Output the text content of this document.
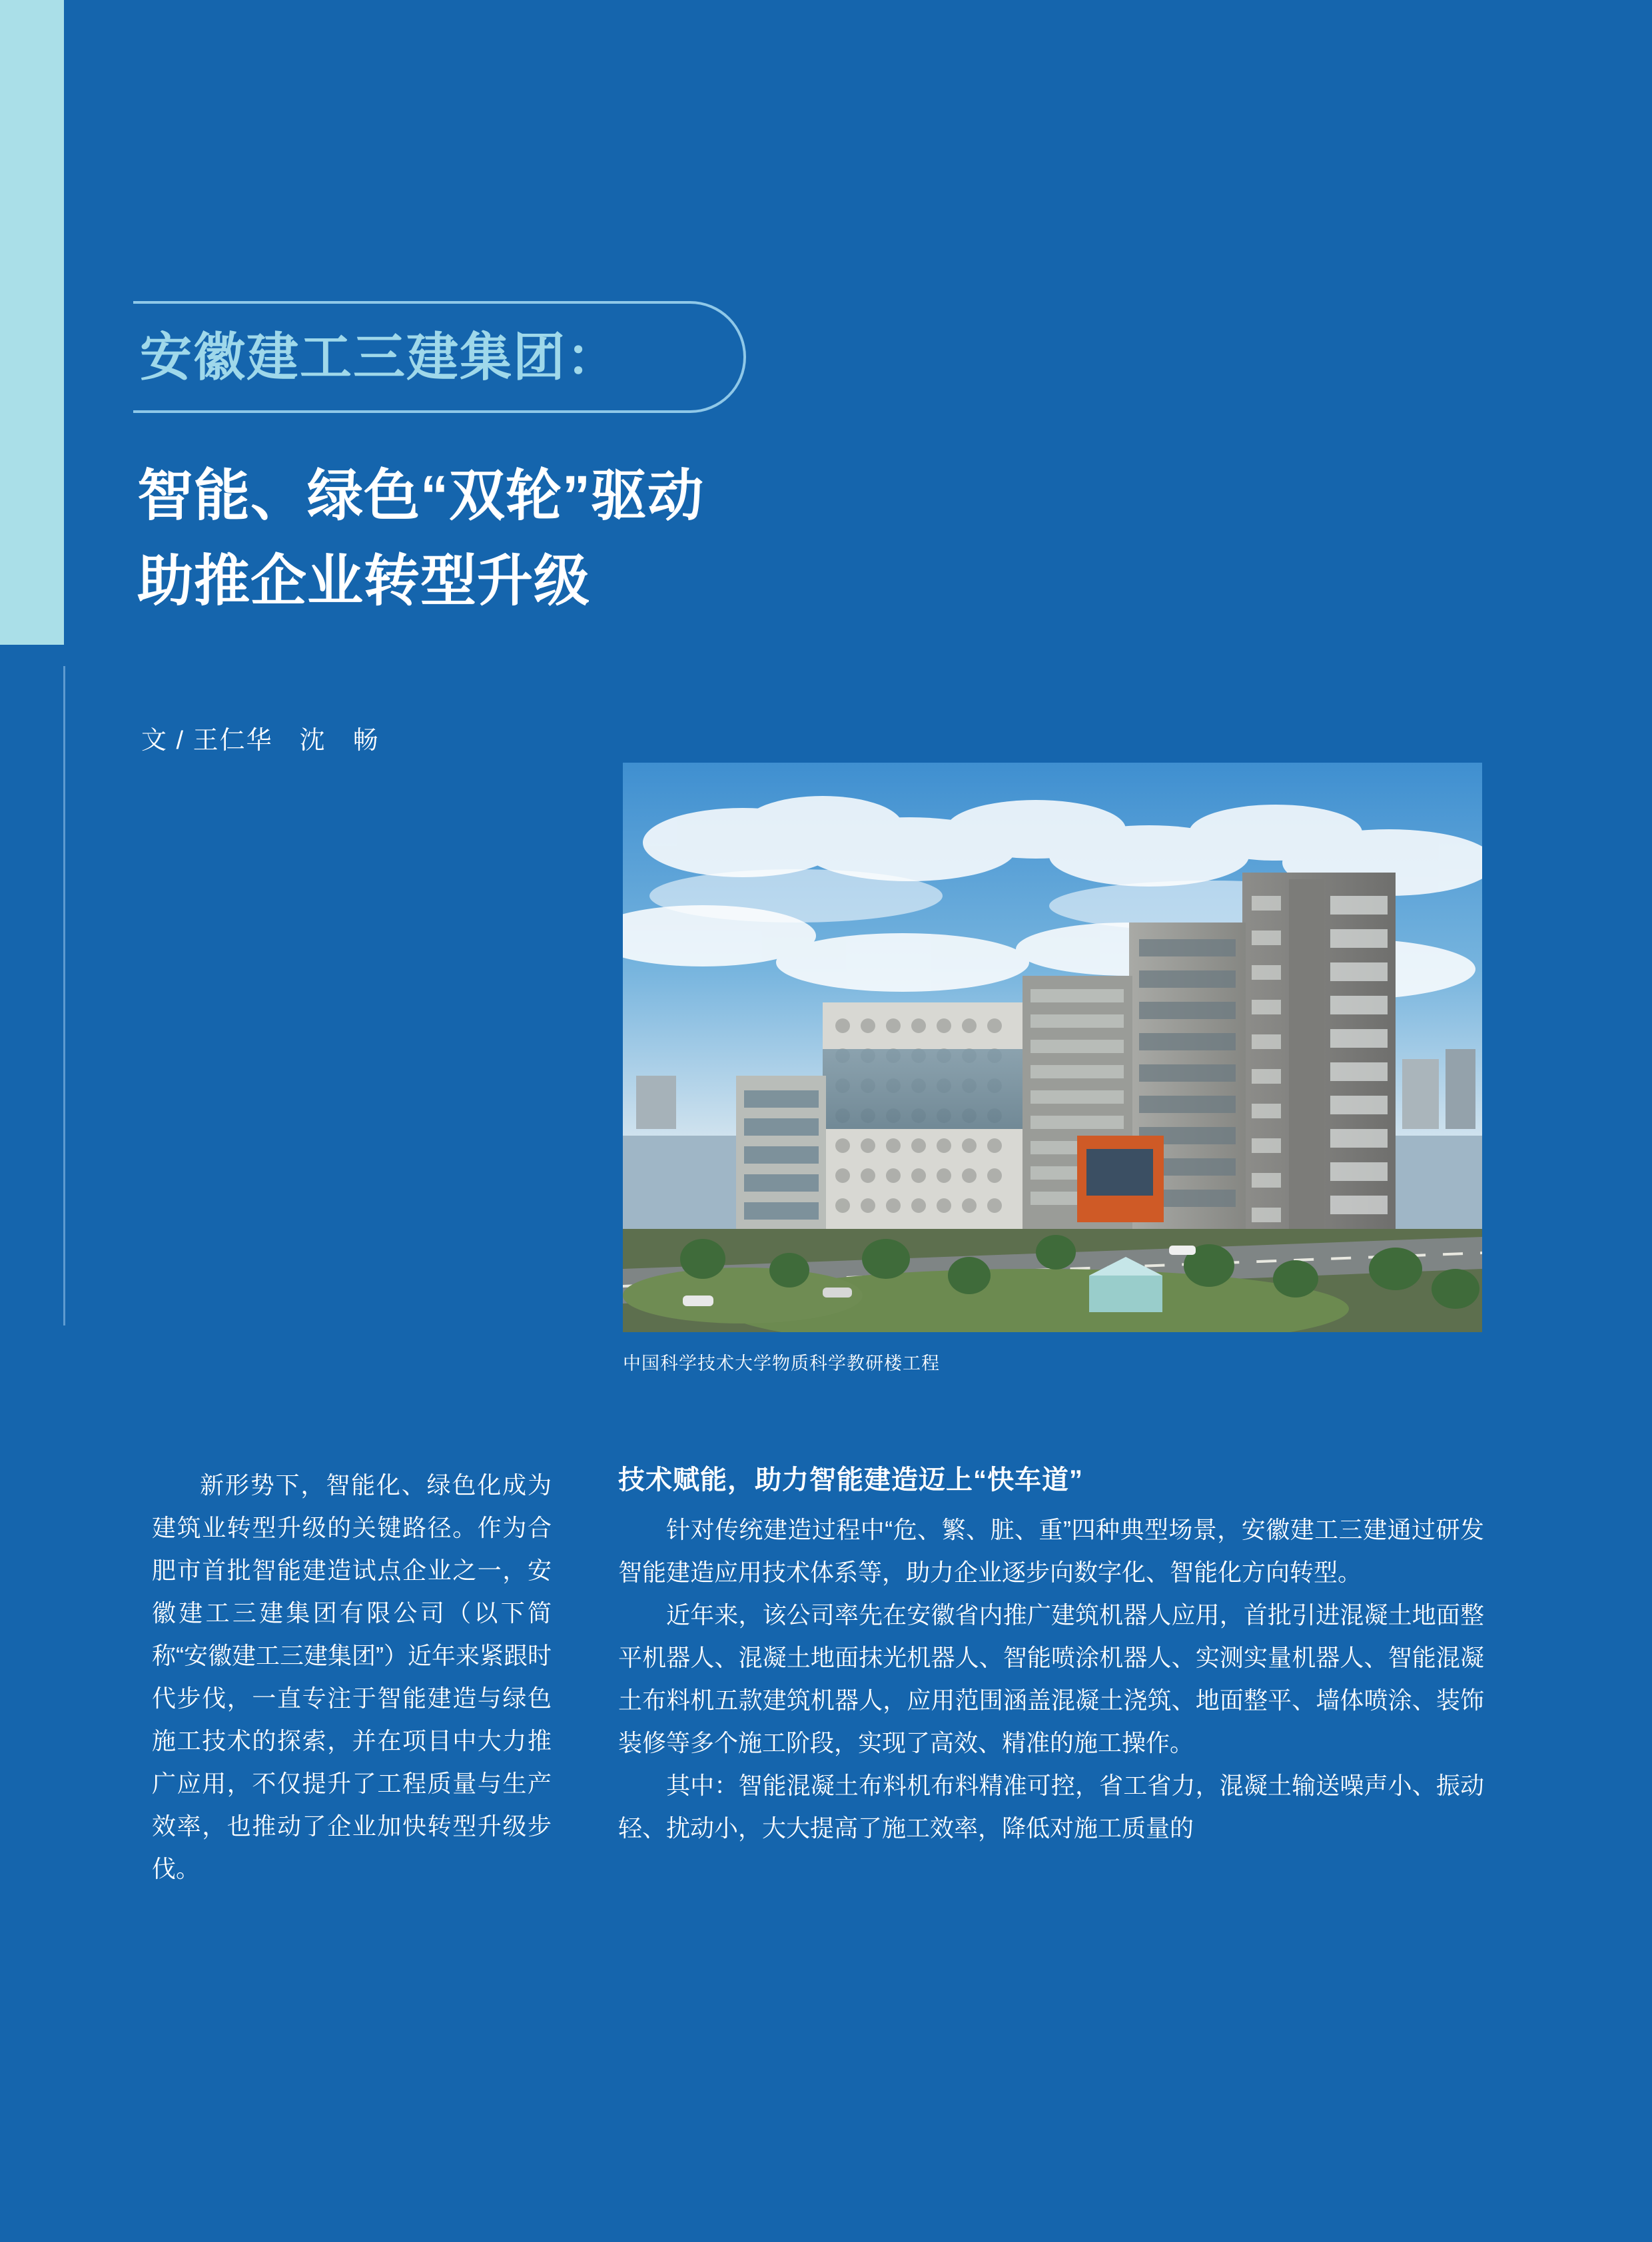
安徽建工三建集团：
智能、绿色“双轮”驱动
助推企业转型升级
文 / 王仁华　沈　畅
中国科学技术大学物质科学教研楼工程

新形势下，智能化、绿色化成为建筑业转型升级的关键路径。作为合肥市首批智能建造试点企业之一，安徽建工三建集团有限公司（以下简称“安徽建工三建集团”）近年来紧跟时代步伐，一直专注于智能建造与绿色施工技术的探索，并在项目中大力推广应用，不仅提升了工程质量与生产效率，也推动了企业加快转型升级步伐。

技术赋能，助力智能建造迈上“快车道”

针对传统建造过程中“危、繁、脏、重”四种典型场景，安徽建工三建通过研发智能建造应用技术体系等，助力企业逐步向数字化、智能化方向转型。

近年来，该公司率先在安徽省内推广建筑机器人应用，首批引进混凝土地面整平机器人、混凝土地面抹光机器人、智能喷涂机器人、实测实量机器人、智能混凝土布料机五款建筑机器人，应用范围涵盖混凝土浇筑、地面整平、墙体喷涂、装饰装修等多个施工阶段，实现了高效、精准的施工操作。

其中：智能混凝土布料机布料精准可控，省工省力，混凝土输送噪声小、振动轻、扰动小，大大提高了施工效率，降低对施工质量的
